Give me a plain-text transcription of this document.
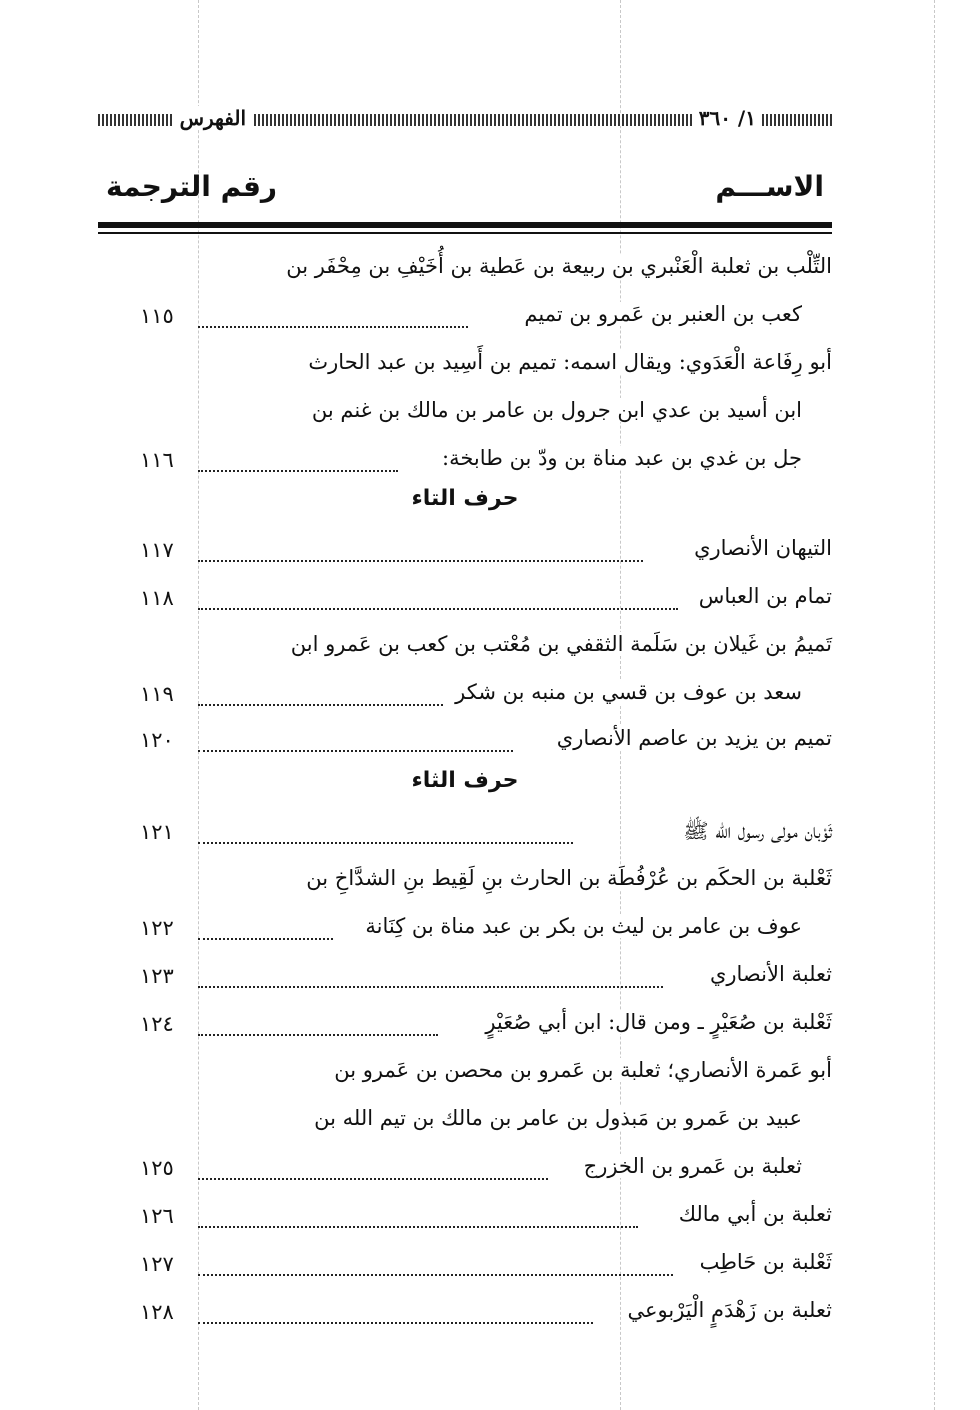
١/ ٣٦٠
الفهرس
الاســـم
رقم الترجمة
التِّلْب بن ثعلبة الْعَنْبري بن ربيعة بن عَطية بن أُخَيْفِ بن مِحْفَر بن
كعب بن العنبر بن عَمرو بن تميم
١١٥
أبو رِفَاعة الْعَدَوي: ويقال اسمه: تميم بن أَسِيد بن عبد الحارث
ابن أسيد بن عدي ابن جرول بن عامر بن مالك بن غنم بن
جل بن غدي بن عبد مناة بن ودّ بن طابخة:
١١٦
حرف التاء
التيهان الأنصاري
١١٧
تمام بن العباس
١١٨
تَميمُ بن غَيلان بن سَلَمة الثقفي بن مُعْتب بن كعب بن عَمرو ابن
سعد بن عوف بن قسي بن منبه بن شكر
١١٩
تميم بن يزيد بن عاصم الأنصاري
١٢٠
حرف الثاء
ثَوْبان مولى رسول الله ﷺ
١٢١
ثَعْلبة بن الحكَم بن عُرْفُطَة بن الحارث بنِ لَقِيط بنِ الشدَّاخِ بن
عوف بن عامر بن ليث بن بكر بن عبد مناة بن كِنَانة
١٢٢
ثعلبة الأنصاري
١٢٣
ثَعْلبة بن صُعَيْرٍ ـ ومن قال: ابن أبي صُعَيْرٍ
١٢٤
أبو عَمرة الأنصاري؛ ثعلبة بن عَمرو بن محصن بن عَمرو بن
عبيد بن عَمرو بن مَبذول بن عامر بن مالك بن تيم الله بن
ثعلبة بن عَمرو بن الخزرج
١٢٥
ثعلبة بن أبي مالك
١٢٦
ثَعْلبة بن حَاطِب
١٢٧
ثعلبة بن زَهْدَمٍ الْيَرْبوعي
١٢٨
